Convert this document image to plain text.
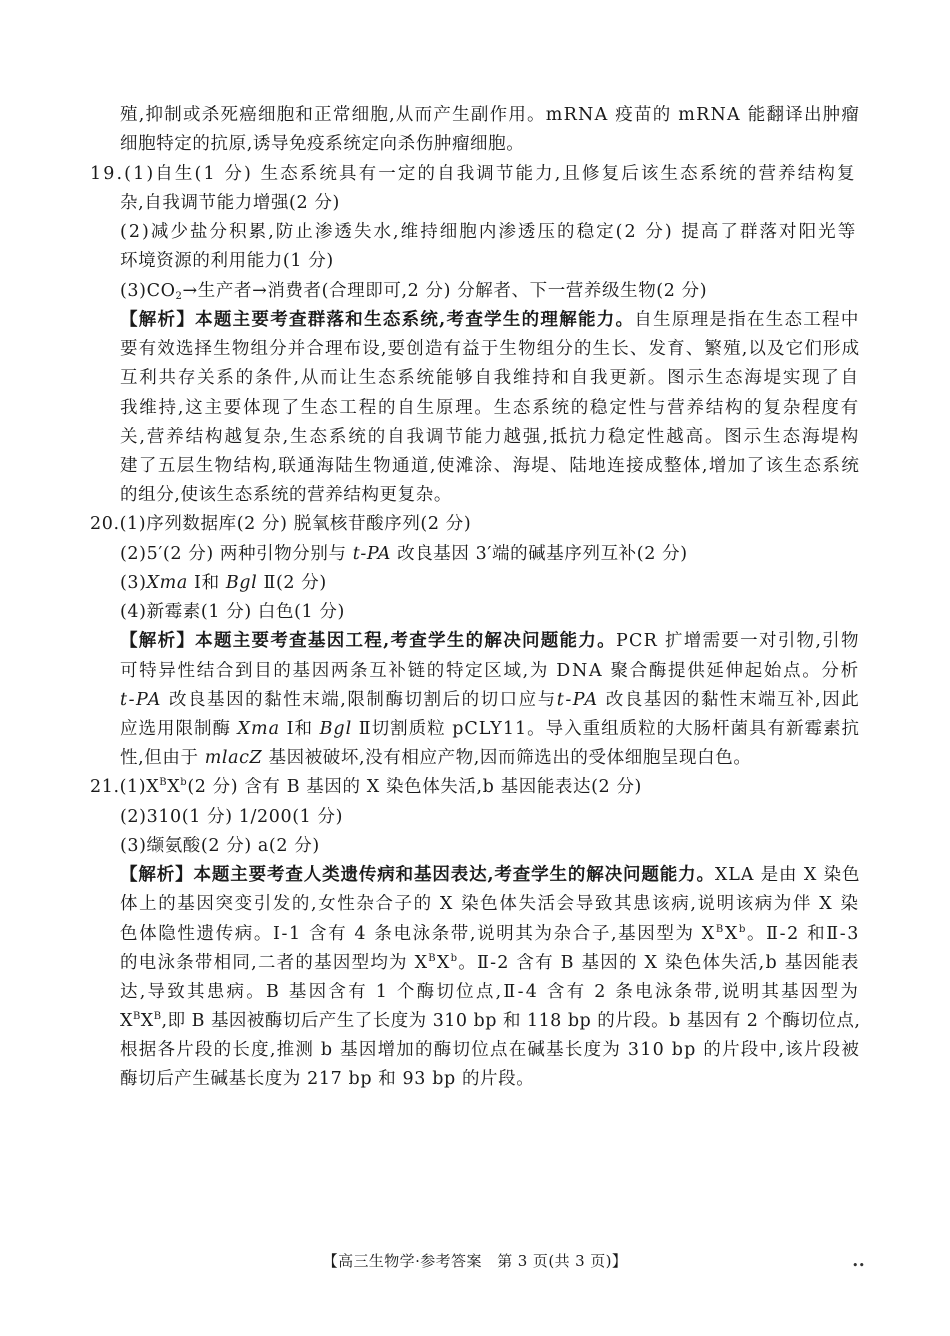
殖,抑制或杀死癌细胞和正常细胞,从而产生副作用。mRNA 疫苗的 mRNA 能翻译出肿瘤
细胞特定的抗原,诱导免疫系统定向杀伤肿瘤细胞。
19.(1)自生(1 分) 生态系统具有一定的自我调节能力,且修复后该生态系统的营养结构复
杂,自我调节能力增强(2 分)
(2)减少盐分积累,防止渗透失水,维持细胞内渗透压的稳定(2 分) 提高了群落对阳光等
环境资源的利用能力(1 分)
$(3)CO_2\to$生产者→消费者(合理即可,2 分) 分解者、下一营养级生物(2 分)
【解析】本题主要考查群落和生态系统,考查学生的理解能力。自生原理是指在生态工程中
要有效选择生物组分并合理布设,要创造有益于生物组分的生长、发育、繁殖,以及它们形成
互利共存关系的条件,从而让生态系统能够自我维持和自我更新。图示生态海堤实现了自
我维持,这主要体现了生态工程的自生原理。生态系统的稳定性与营养结构的复杂程度有
关,营养结构越复杂,生态系统的自我调节能力越强,抵抗力稳定性越高。图示生态海堤构
建了五层生物结构,联通海陆生物通道,使滩涂、海堤、陆地连接成整体,增加了该生态系统
的组分,使该生态系统的营养结构更复杂。
20.(1)序列数据库(2 分) 脱氧核苷酸序列(2 分)
(2)5′(2 分) 两种引物分别与 t-PA 改良基因 3′端的碱基序列互补(2 分)
(3)Xma Ⅰ和 Bgl Ⅱ(2 分)
(4)新霉素(1 分) 白色(1 分)
【解析】本题主要考查基因工程,考查学生的解决问题能力。PCR 扩增需要一对引物,引物
可特异性结合到目的基因两条互补链的特定区域,为 DNA 聚合酶提供延伸起始点。分析
t-PA 改良基因的黏性末端,限制酶切割后的切口应与t-PA 改良基因的黏性末端互补,因此
应选用限制酶 Xma Ⅰ和 Bgl Ⅱ切割质粒 pCLY11。导入重组质粒的大肠杆菌具有新霉素抗
性,但由于 mlacZ 基因被破坏,没有相应产物,因而筛选出的受体细胞呈现白色。
$21.(1)X^BX^b(2$ 分) 含有 B 基因的 X 染色体失活,b 基因能表达(2 分)
(2)310(1 分) 1/200(1 分)
(3)缬氨酸(2 分) a(2 分)
【解析】本题主要考查人类遗传病和基因表达,考查学生的解决问题能力。XLA 是由 X 染色
体上的基因突变引发的,女性杂合子的 X 染色体失活会导致其患该病,说明该病为伴 X 染
色体隐性遗传病。Ⅰ-1 含有 4 条电泳条带,说明其为杂合子,基因型为 $X^BX^b$。Ⅱ-2 和Ⅱ-3
的电泳条带相同,二者的基因型均为 $X^BX^b$。Ⅱ-2 含有 B 基因的 X 染色体失活,b 基因能表
达,导致其患病。B 基因含有 1 个酶切位点,Ⅱ-4 含有 2 条电泳条带,说明其基因型为
$X^BX^B$,即 B 基因被酶切后产生了长度为 310 bp 和 118 bp 的片段。b 基因有 2 个酶切位点,
根据各片段的长度,推测 b 基因增加的酶切位点在碱基长度为 310 bp 的片段中,该片段被
酶切后产生碱基长度为 217 bp 和 93 bp 的片段。
【高三生物学·参考答案　第 3 页(共 3 页)】	••
